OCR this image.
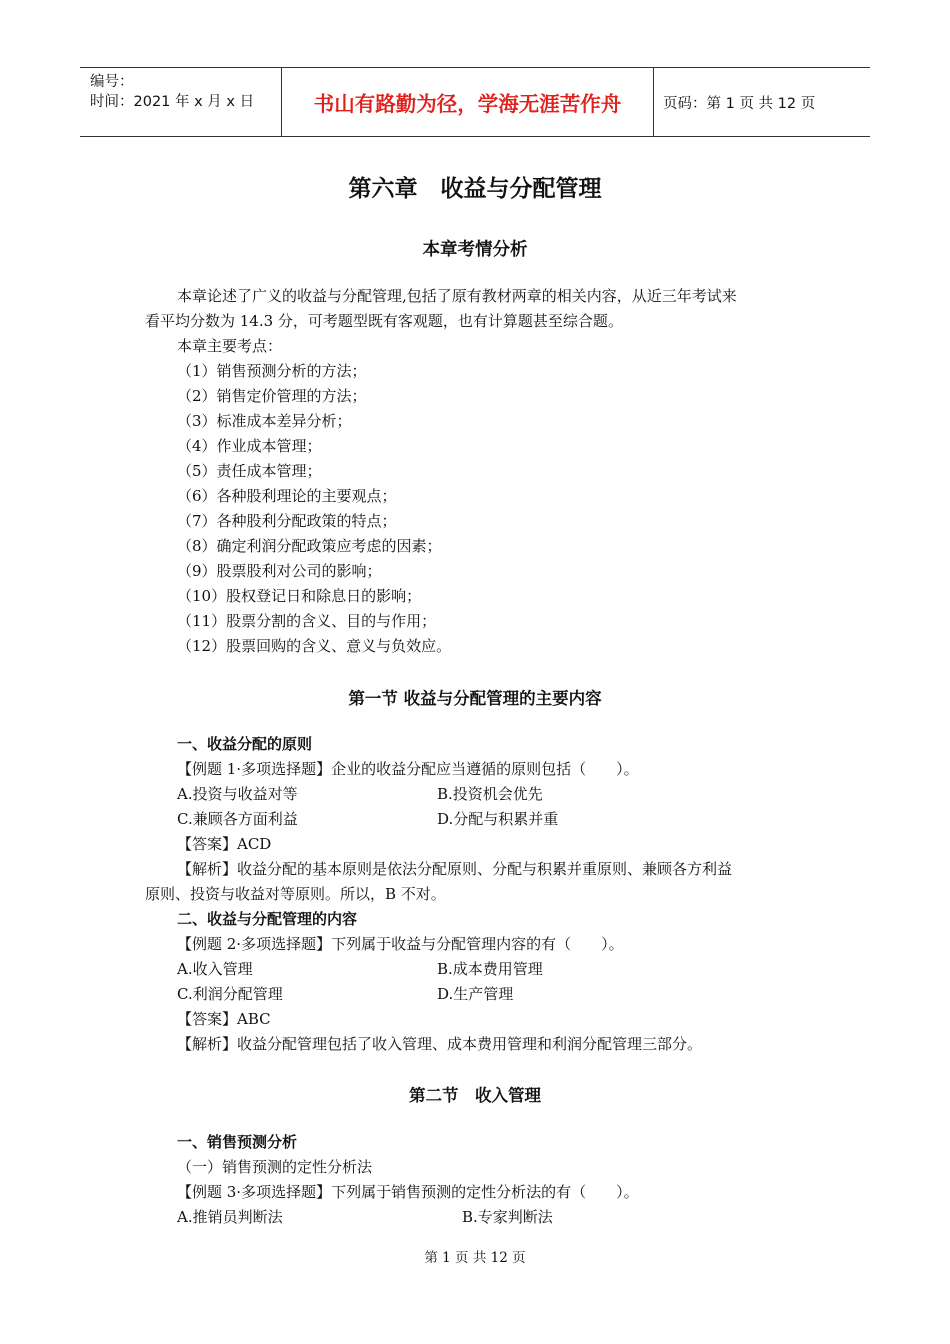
编号：
时间：2021 年 x 月 x 日	书山有路勤为径，学海无涯苦作舟	页码：第 1 页 共 12 页
第六章　收益与分配管理
本章考情分析
本章论述了广义的收益与分配管理,包括了原有教材两章的相关内容，从近三年考试来
看平均分数为 14.3 分，可考题型既有客观题，也有计算题甚至综合题。
本章主要考点：
（1）销售预测分析的方法；
（2）销售定价管理的方法；
（3）标准成本差异分析；
（4）作业成本管理；
（5）责任成本管理；
（6）各种股利理论的主要观点；
（7）各种股利分配政策的特点；
（8）确定利润分配政策应考虑的因素；
（9）股票股利对公司的影响；
（10）股权登记日和除息日的影响；
（11）股票分割的含义、目的与作用；
（12）股票回购的含义、意义与负效应。
第一节 收益与分配管理的主要内容
一、收益分配的原则
【例题 1·多项选择题】企业的收益分配应当遵循的原则包括（　　）。
A.投资与收益对等	B.投资机会优先
C.兼顾各方面利益	D.分配与积累并重
【答案】ACD
【解析】收益分配的基本原则是依法分配原则、分配与积累并重原则、兼顾各方利益
原则、投资与收益对等原则。所以，B 不对。
二、收益与分配管理的内容
【例题 2·多项选择题】下列属于收益与分配管理内容的有（　　）。
A.收入管理	B.成本费用管理
C.利润分配管理	D.生产管理
【答案】ABC
【解析】收益分配管理包括了收入管理、成本费用管理和利润分配管理三部分。
第二节　收入管理
一、销售预测分析
（一）销售预测的定性分析法
【例题 3·多项选择题】下列属于销售预测的定性分析法的有（　　）。
A.推销员判断法	B.专家判断法
第 1 页 共 12 页
